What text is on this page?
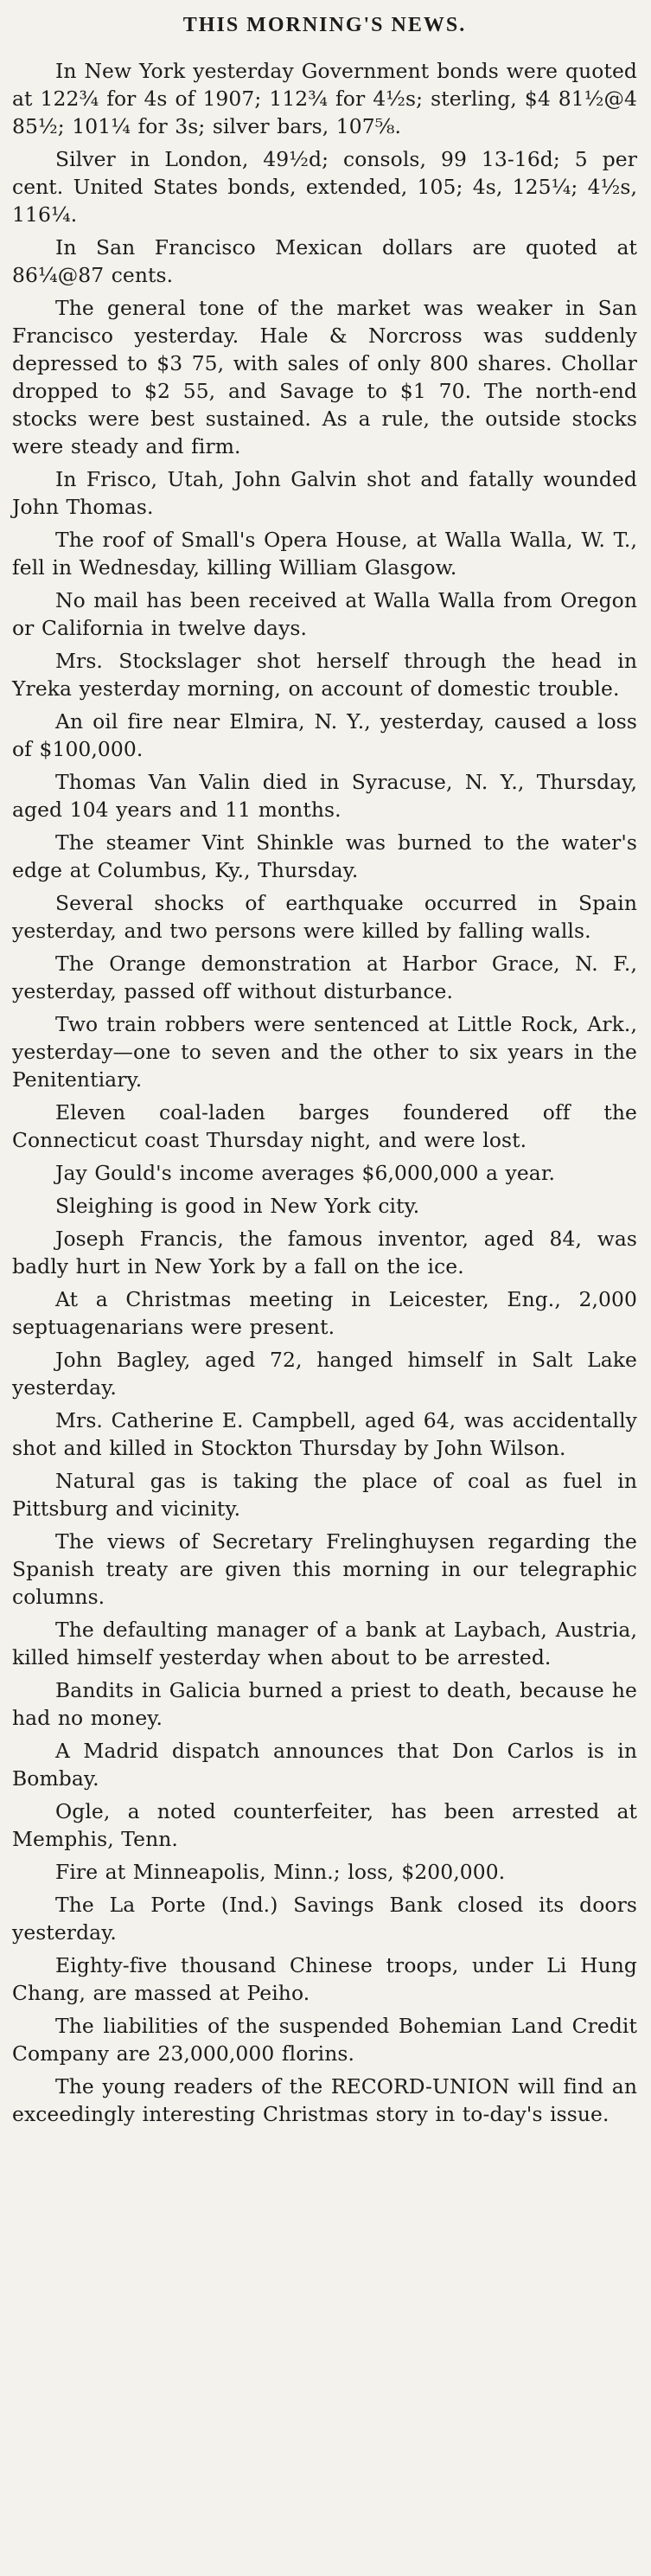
THIS MORNING'S NEWS.

In New York yesterday Government bonds were quoted at 122¾ for 4s of 1907; 112¾ for 4½s; sterling, $4 81½@4 85½; 101¼ for 3s; silver bars, 107⅝.

Silver in London, 49½d; consols, 99 13-16d; 5 per cent. United States bonds, extended, 105; 4s, 125¼; 4½s, 116¼.

In San Francisco Mexican dollars are quoted at 86¼@87 cents.

The general tone of the market was weaker in San Francisco yesterday. Hale & Norcross was suddenly depressed to $3 75, with sales of only 800 shares. Chollar dropped to $2 55, and Savage to $1 70. The north-end stocks were best sustained. As a rule, the outside stocks were steady and firm.

In Frisco, Utah, John Galvin shot and fatally wounded John Thomas.

The roof of Small's Opera House, at Walla Walla, W. T., fell in Wednesday, killing William Glasgow.

No mail has been received at Walla Walla from Oregon or California in twelve days.

Mrs. Stockslager shot herself through the head in Yreka yesterday morning, on account of domestic trouble.

An oil fire near Elmira, N. Y., yesterday, caused a loss of $100,000.

Thomas Van Valin died in Syracuse, N. Y., Thursday, aged 104 years and 11 months.

The steamer Vint Shinkle was burned to the water's edge at Columbus, Ky., Thursday.

Several shocks of earthquake occurred in Spain yesterday, and two persons were killed by falling walls.

The Orange demonstration at Harbor Grace, N. F., yesterday, passed off without disturbance.

Two train robbers were sentenced at Little Rock, Ark., yesterday—one to seven and the other to six years in the Penitentiary.

Eleven coal-laden barges foundered off the Connecticut coast Thursday night, and were lost.

Jay Gould's income averages $6,000,000 a year.

Sleighing is good in New York city.

Joseph Francis, the famous inventor, aged 84, was badly hurt in New York by a fall on the ice.

At a Christmas meeting in Leicester, Eng., 2,000 septuagenarians were present.

John Bagley, aged 72, hanged himself in Salt Lake yesterday.

Mrs. Catherine E. Campbell, aged 64, was accidentally shot and killed in Stockton Thursday by John Wilson.

Natural gas is taking the place of coal as fuel in Pittsburg and vicinity.

The views of Secretary Frelinghuysen regarding the Spanish treaty are given this morning in our telegraphic columns.

The defaulting manager of a bank at Laybach, Austria, killed himself yesterday when about to be arrested.

Bandits in Galicia burned a priest to death, because he had no money.

A Madrid dispatch announces that Don Carlos is in Bombay.

Ogle, a noted counterfeiter, has been arrested at Memphis, Tenn.

Fire at Minneapolis, Minn.; loss, $200,000.

The La Porte (Ind.) Savings Bank closed its doors yesterday.

Eighty-five thousand Chinese troops, under Li Hung Chang, are massed at Peiho.

The liabilities of the suspended Bohemian Land Credit Company are 23,000,000 florins.

The young readers of the RECORD-UNION will find an exceedingly interesting Christmas story in to-day's issue.
